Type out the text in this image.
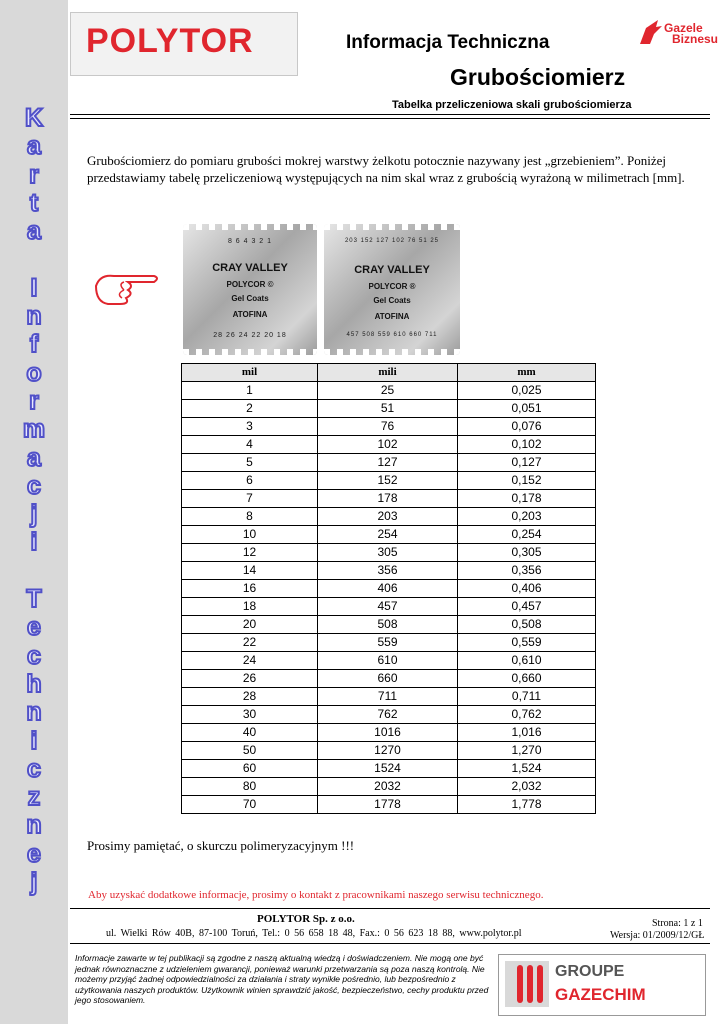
K
a
r
t
a
I
n
f
o
r
m
a
c
j
i
T
e
c
h
n
i
c
z
n
e
j
POLYTOR	Informacja Techniczna
Grubościomierz
Tabelka przeliczeniowa skali grubościomierza
Gazele
Biznesu
Grubościomierz do pomiaru grubości mokrej warstwy żelkotu potocznie nazywany jest „grzebieniem”. Poniżej przedstawiamy tabelę przeliczeniową występujących na nim skal wraz z grubością wyrażoną w milimetrach [mm].
8 6 4 3 2 1
CRAY VALLEY
POLYCOR ©
Gel Coats
ATOFINA
28 26 24 22 20 18
203 152 127 102 76 51 25
CRAY VALLEY
POLYCOR ®
Gel Coats
ATOFINA
457 508 559 610 660 711
mil	mili	mm
1	25	0,025
2	51	0,051
3	76	0,076
4	102	0,102
5	127	0,127
6	152	0,152
7	178	0,178
8	203	0,203
10	254	0,254
12	305	0,305
14	356	0,356
16	406	0,406
18	457	0,457
20	508	0,508
22	559	0,559
24	610	0,610
26	660	0,660
28	711	0,711
30	762	0,762
40	1016	1,016
50	1270	1,270
60	1524	1,524
80	2032	2,032
70	1778	1,778
Prosimy pamiętać, o skurczu polimeryzacyjnym !!!
Aby uzyskać dodatkowe informacje, prosimy o kontakt z pracownikami naszego serwisu technicznego.
POLYTOR Sp. z o.o.
ul. Wielki Rów 40B, 87-100 Toruń, Tel.: 0 56 658 18 48, Fax.: 0 56 623 18 88, www.polytor.pl
Strona: 1 z 1
Wersja: 01/2009/12/GŁ
Informacje zawarte w tej publikacji są zgodne z naszą aktualną wiedzą i doświadczeniem. Nie mogą one być jednak równoznaczne z udzieleniem gwarancji, ponieważ warunki przetwarzania są poza naszą kontrolą. Nie możemy przyjąć żadnej odpowiedzialności za działania i straty wynikłe pośrednio, lub bezpośrednio z użytkowania naszych produktów. Użytkownik winien sprawdzić jakość, bezpieczeństwo, cechy produktu przed jego stosowaniem.
GROUPE
GAZECHIM
